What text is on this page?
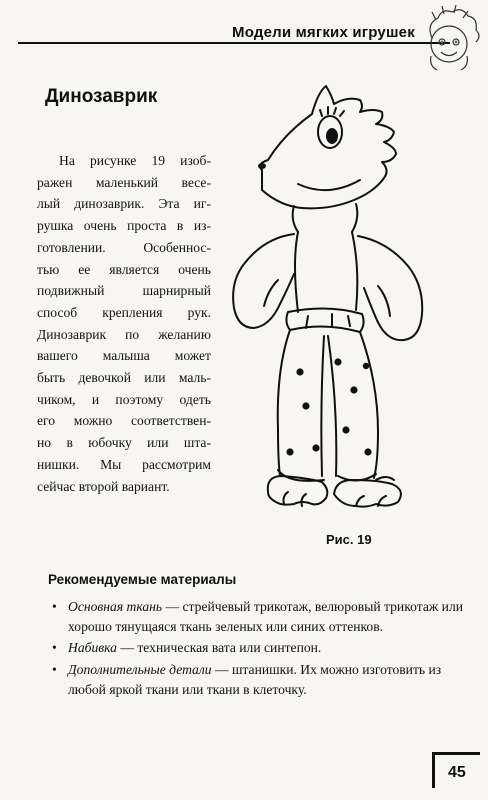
Модели мягких игрушек
Динозаврик
На рисунке 19 изоб-
ражен маленький весе-
лый динозаврик. Эта иг-
рушка очень проста в из-
готовлении. Особеннос-
тью ее является очень
подвижный шарнирный
способ крепления рук.
Динозаврик по желанию
вашего малыша может
быть девочкой или маль-
чиком, и поэтому одеть
его можно соответствен-
но в юбочку или шта-
нишки. Мы рассмотрим
сейчас второй вариант.
Рис. 19
Рекомендуемые материалы
• Основная ткань — стрейчевый трикотаж, велюровый трикотаж или хорошо тянущаяся ткань зеленых или синих оттенков.
• Набивка — техническая вата или синтепон.
• Дополнительные детали — штанишки. Их можно изготовить из любой яркой ткани или ткани в клеточку.
45
